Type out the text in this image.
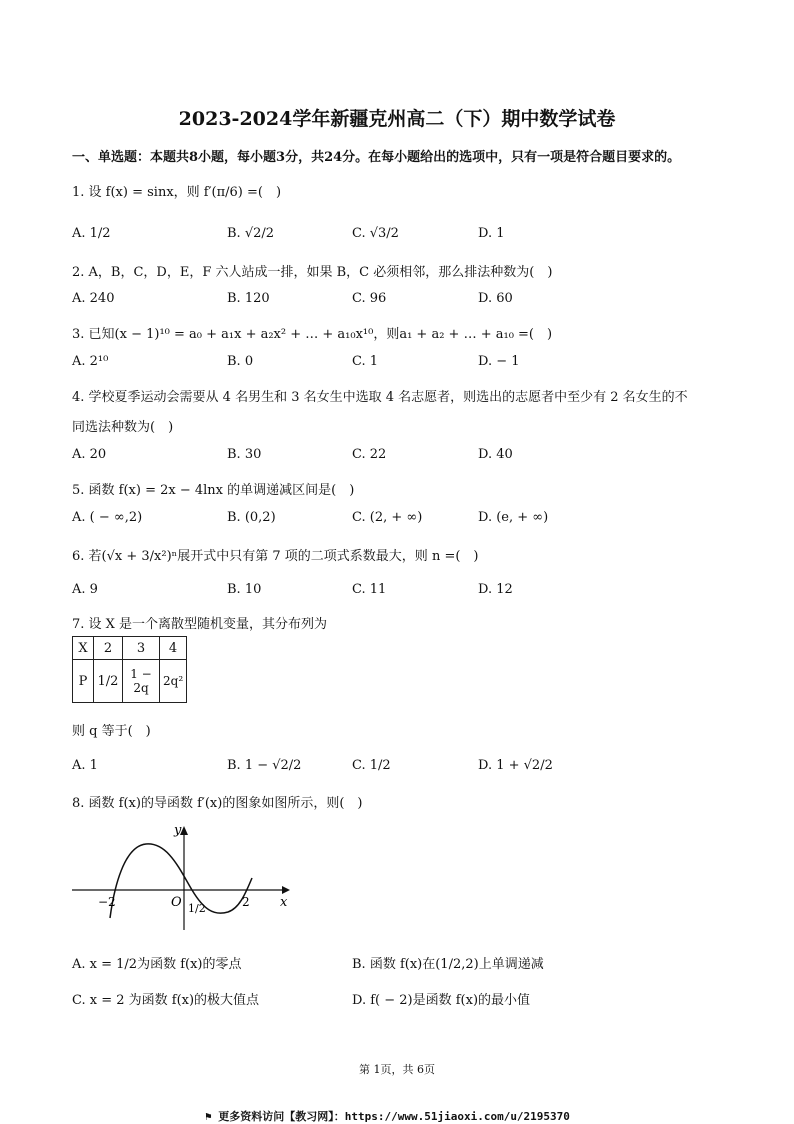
2023-2024学年新疆克州高二（下）期中数学试卷
一、单选题：本题共8小题，每小题3分，共24分。在每小题给出的选项中，只有一项是符合题目要求的。
1. 设 f(x) = sinx，则 f′(π/6) =(　)
A. 1/2	B. √2/2	C. √3/2	D. 1
2. A，B，C，D，E，F 六人站成一排，如果 B，C 必须相邻，那么排法种数为(　)
A. 240	B. 120	C. 96	D. 60
3. 已知(x − 1)¹⁰ = a₀ + a₁x + a₂x² + … + a₁₀x¹⁰，则a₁ + a₂ + … + a₁₀ =(　)
A. 2¹⁰	B. 0	C. 1	D. − 1
4. 学校夏季运动会需要从 4 名男生和 3 名女生中选取 4 名志愿者，则选出的志愿者中至少有 2 名女生的不
同选法种数为(　)
A. 20	B. 30	C. 22	D. 40
5. 函数 f(x) = 2x − 4lnx 的单调递减区间是(　)
A. ( − ∞,2)	B. (0,2)	C. (2, + ∞)	D. (e, + ∞)
6. 若(√x + 3/x²)ⁿ展开式中只有第 7 项的二项式系数最大，则 n =(　)
A. 9	B. 10	C. 11	D. 12
7. 设 X 是一个离散型随机变量，其分布列为
X	2	3	4
P	1/2	1 − 2q	2q²
则 q 等于(　)
A. 1	B. 1 − √2/2	C. 1/2	D. 1 + √2/2
8. 函数 f(x)的导函数 f′(x)的图象如图所示，则(　)
y
x
O
−2	1/2	2
A. x = 1/2为函数 f(x)的零点	B. 函数 f(x)在(1/2,2)上单调递减
C. x = 2 为函数 f(x)的极大值点	D. f( − 2)是函数 f(x)的最小值
第 1页，共 6页
⚑ 更多资料访问【教习网】：https://www.51jiaoxi.com/u/2195370
